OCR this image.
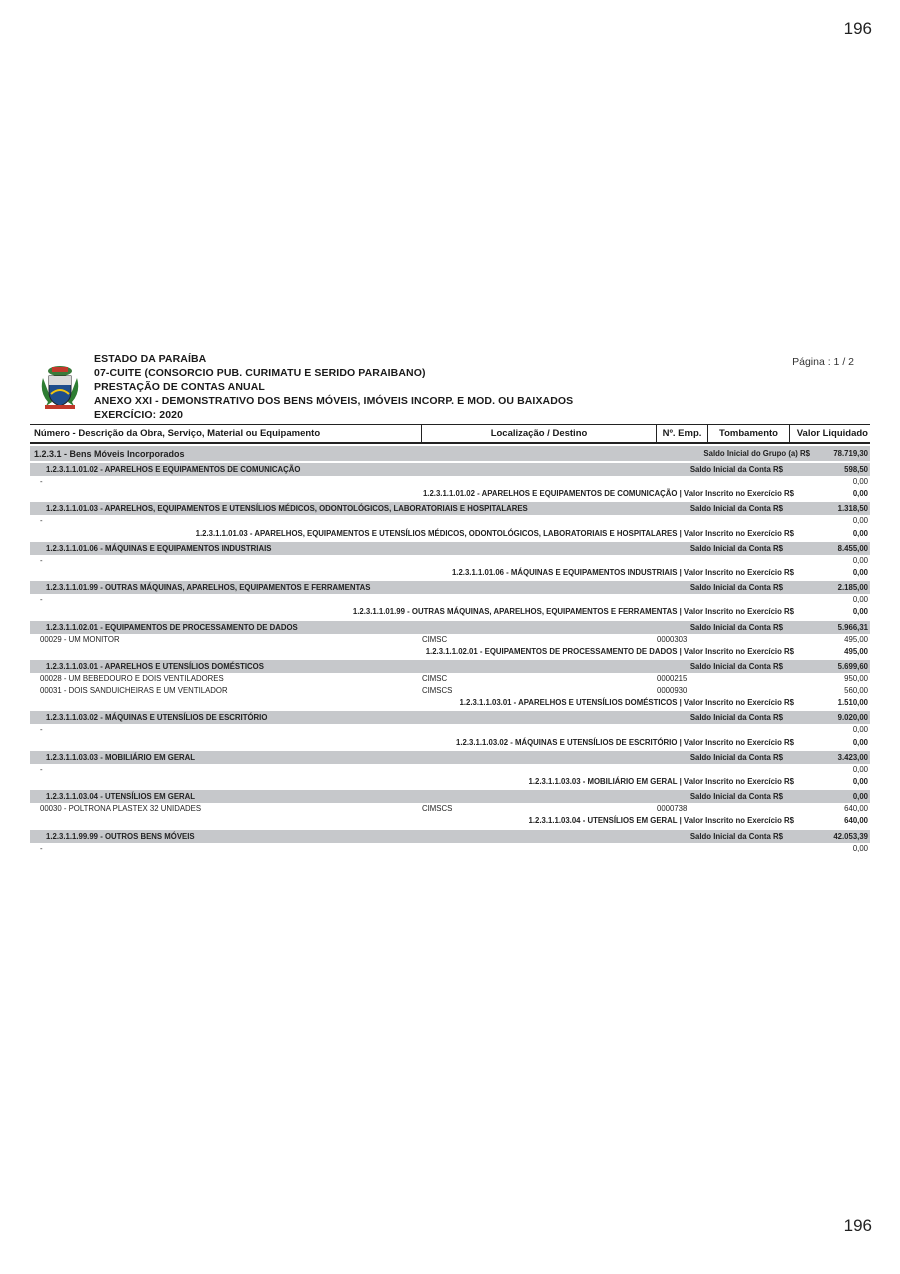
196
ESTADO DA PARAÍBA
07-CUITE (CONSORCIO PUB. CURIMATU E SERIDO PARAIBANO)
PRESTAÇÃO DE CONTAS ANUAL
ANEXO XXI - DEMONSTRATIVO DOS BENS MÓVEIS, IMÓVEIS INCORP. E MOD. OU BAIXADOS
EXERCÍCIO: 2020
Página : 1 / 2
Número - Descrição da Obra, Serviço, Material ou Equipamento	Localização / Destino	Nº. Emp.	Tombamento	Valor Liquidado
1.2.3.1 - Bens Móveis Incorporados	Saldo Inicial do Grupo (a) R$	78.719,30
1.2.3.1.1.01.02 - APARELHOS E EQUIPAMENTOS DE COMUNICAÇÃO	Saldo Inicial da Conta R$	598,50
-	0,00
1.2.3.1.1.01.02 - APARELHOS E EQUIPAMENTOS DE COMUNICAÇÃO | Valor Inscrito no Exercício R$	0,00
1.2.3.1.1.01.03 - APARELHOS, EQUIPAMENTOS E UTENSÍLIOS MÉDICOS, ODONTOLÓGICOS, LABORATORIAIS E HOSPITALARES	Saldo Inicial da Conta R$	1.318,50
-	0,00
1.2.3.1.1.01.03 - APARELHOS, EQUIPAMENTOS E UTENSÍLIOS MÉDICOS, ODONTOLÓGICOS, LABORATORIAIS E HOSPITALARES | Valor Inscrito no Exercício R$	0,00
1.2.3.1.1.01.06 - MÁQUINAS E EQUIPAMENTOS INDUSTRIAIS	Saldo Inicial da Conta R$	8.455,00
-	0,00
1.2.3.1.1.01.06 - MÁQUINAS E EQUIPAMENTOS INDUSTRIAIS | Valor Inscrito no Exercício R$	0,00
1.2.3.1.1.01.99 - OUTRAS MÁQUINAS, APARELHOS, EQUIPAMENTOS E FERRAMENTAS	Saldo Inicial da Conta R$	2.185,00
-	0,00
1.2.3.1.1.01.99 - OUTRAS MÁQUINAS, APARELHOS, EQUIPAMENTOS E FERRAMENTAS | Valor Inscrito no Exercício R$	0,00
1.2.3.1.1.02.01 - EQUIPAMENTOS DE PROCESSAMENTO DE DADOS	Saldo Inicial da Conta R$	5.966,31
00029 - UM MONITOR	CIMSC	0000303	495,00
1.2.3.1.1.02.01 - EQUIPAMENTOS DE PROCESSAMENTO DE DADOS | Valor Inscrito no Exercício R$	495,00
1.2.3.1.1.03.01 - APARELHOS E UTENSÍLIOS DOMÉSTICOS	Saldo Inicial da Conta R$	5.699,60
00028 - UM BEBEDOURO E DOIS VENTILADORES	CIMSC	0000215	950,00
00031 - DOIS SANDUICHEIRAS E UM VENTILADOR	CIMSCS	0000930	560,00
1.2.3.1.1.03.01 - APARELHOS E UTENSÍLIOS DOMÉSTICOS | Valor Inscrito no Exercício R$	1.510,00
1.2.3.1.1.03.02 - MÁQUINAS E UTENSÍLIOS DE ESCRITÓRIO	Saldo Inicial da Conta R$	9.020,00
-	0,00
1.2.3.1.1.03.02 - MÁQUINAS E UTENSÍLIOS DE ESCRITÓRIO | Valor Inscrito no Exercício R$	0,00
1.2.3.1.1.03.03 - MOBILIÁRIO EM GERAL	Saldo Inicial da Conta R$	3.423,00
-	0,00
1.2.3.1.1.03.03 - MOBILIÁRIO EM GERAL | Valor Inscrito no Exercício R$	0,00
1.2.3.1.1.03.04 - UTENSÍLIOS EM GERAL	Saldo Inicial da Conta R$	0,00
00030 - POLTRONA PLASTEX 32 UNIDADES	CIMSCS	0000738	640,00
1.2.3.1.1.03.04 - UTENSÍLIOS EM GERAL | Valor Inscrito no Exercício R$	640,00
1.2.3.1.1.99.99 - OUTROS BENS MÓVEIS	Saldo Inicial da Conta R$	42.053,39
-	0,00
196
